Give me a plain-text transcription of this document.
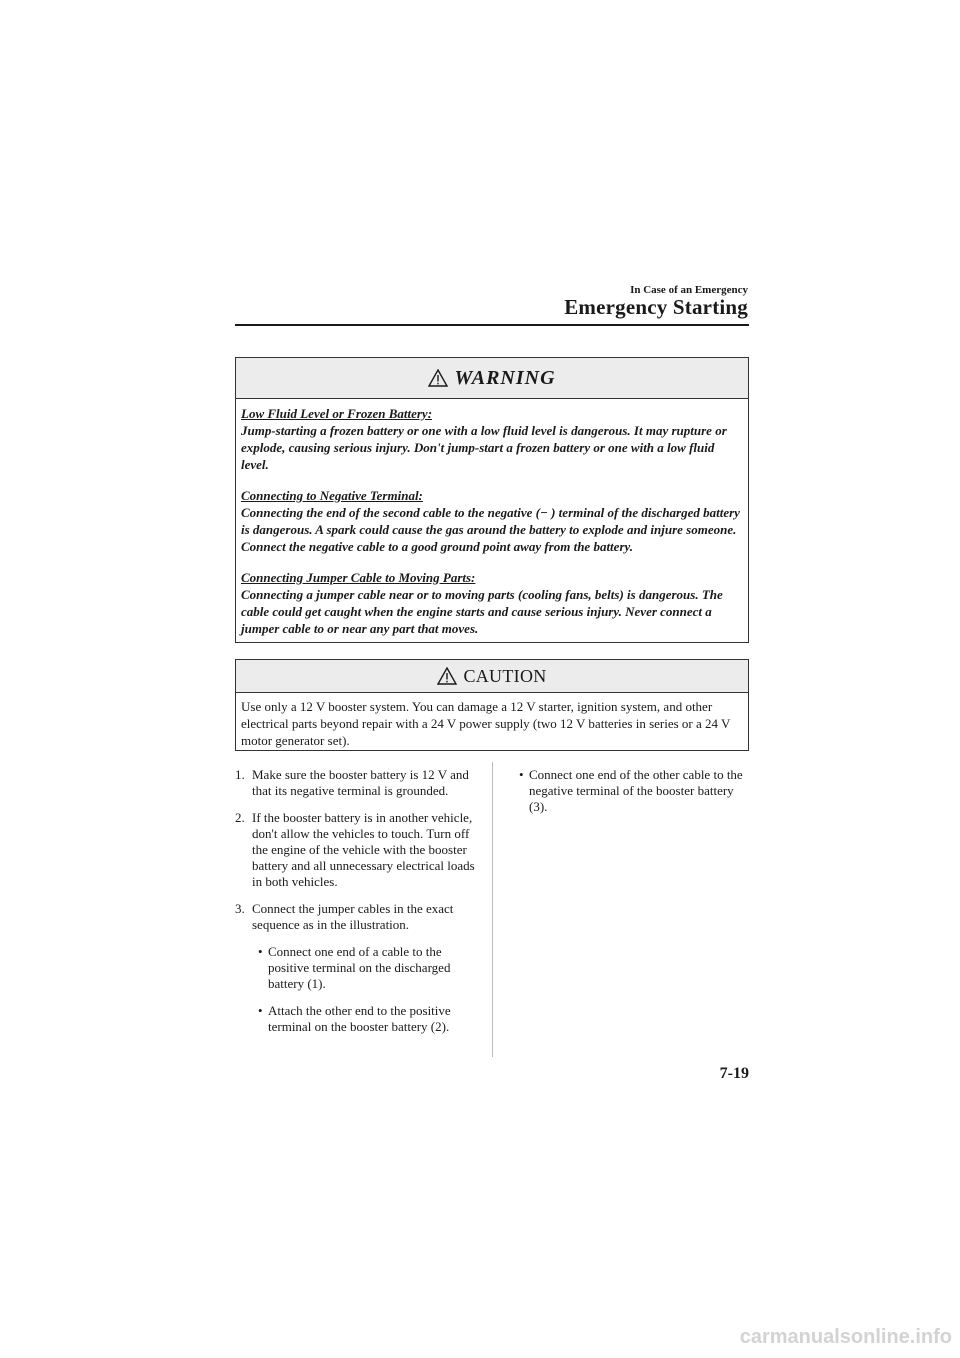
In Case of an Emergency
Emergency Starting
WARNING
Low Fluid Level or Frozen Battery:
Jump-starting a frozen battery or one with a low fluid level is dangerous. It may rupture or explode, causing serious injury. Don't jump-start a frozen battery or one with a low fluid level.
Connecting to Negative Terminal:
Connecting the end of the second cable to the negative (− ) terminal of the discharged battery is dangerous. A spark could cause the gas around the battery to explode and injure someone. Connect the negative cable to a good ground point away from the battery.
Connecting Jumper Cable to Moving Parts:
Connecting a jumper cable near or to moving parts (cooling fans, belts) is dangerous. The cable could get caught when the engine starts and cause serious injury. Never connect a jumper cable to or near any part that moves.
CAUTION
Use only a 12 V booster system. You can damage a 12 V starter, ignition system, and other electrical parts beyond repair with a 24 V power supply (two 12 V batteries in series or a 24 V motor generator set).
1. Make sure the booster battery is 12 V and that its negative terminal is grounded.
2. If the booster battery is in another vehicle, don't allow the vehicles to touch. Turn off the engine of the vehicle with the booster battery and all unnecessary electrical loads in both vehicles.
3. Connect the jumper cables in the exact sequence as in the illustration.
• Connect one end of a cable to the positive terminal on the discharged battery (1).
• Attach the other end to the positive terminal on the booster battery (2).
• Connect one end of the other cable to the negative terminal of the booster battery (3).
7-19
carmanualsonline.info
